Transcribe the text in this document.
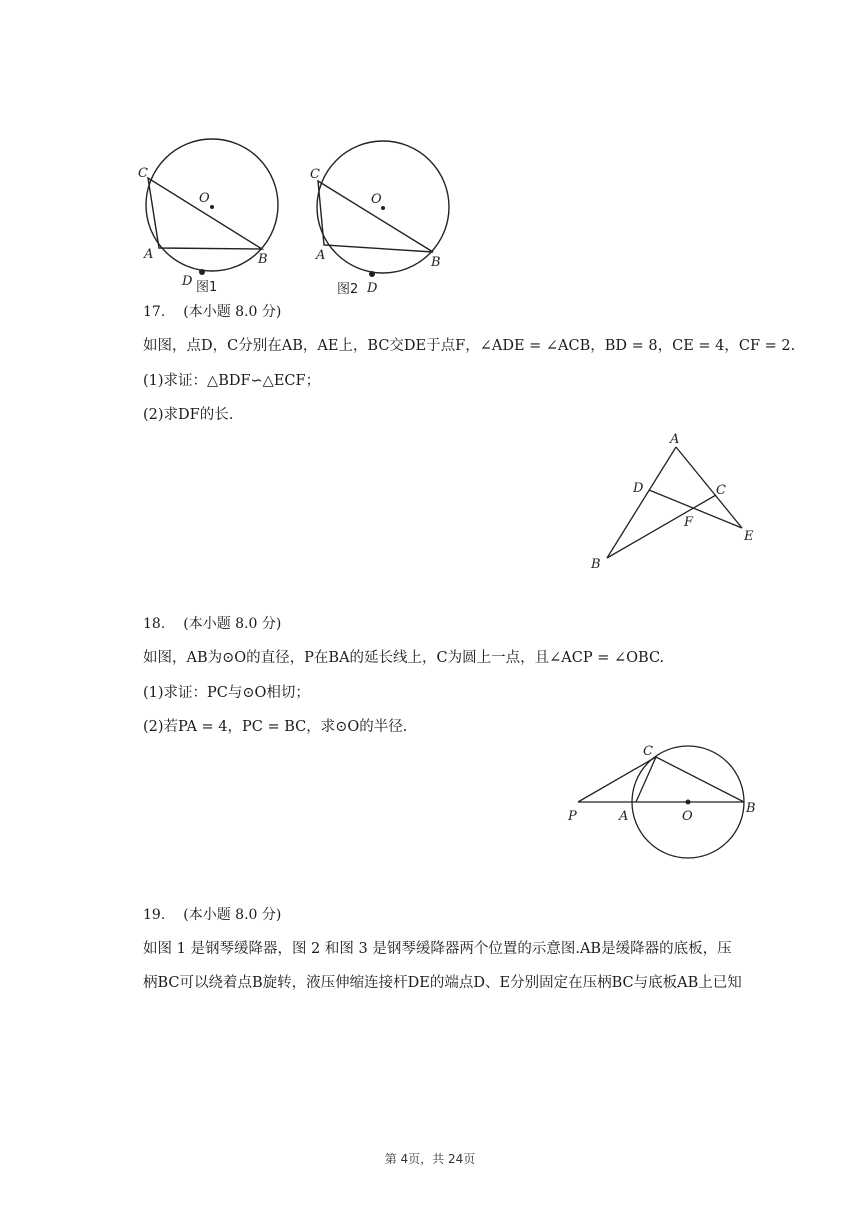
C
O
A	B
D 图1
C
O
A	B
图2 D
17. (本小题 8.0 分)
如图，点D，C分别在AB，AE上，BC交DE于点F，∠ADE = ∠ACB，BD = 8，CE = 4，CF = 2.
(1)求证：△BDF∽△ECF；
(2)求DF的长.
A
D	C
F
E
B
18. (本小题 8.0 分)
如图，AB为⊙O的直径，P在BA的延长线上，C为圆上一点，且∠ACP = ∠OBC.
(1)求证：PC与⊙O相切；
(2)若PA = 4，PC = BC，求⊙O的半径.
C
P	A	O
B
19. (本小题 8.0 分)
如图 1 是钢琴缓降器，图 2 和图 3 是钢琴缓降器两个位置的示意图.AB是缓降器的底板，压
柄BC可以绕着点B旋转，液压伸缩连接杆DE的端点D、E分别固定在压柄BC与底板AB上已知
第 4页，共 24页
